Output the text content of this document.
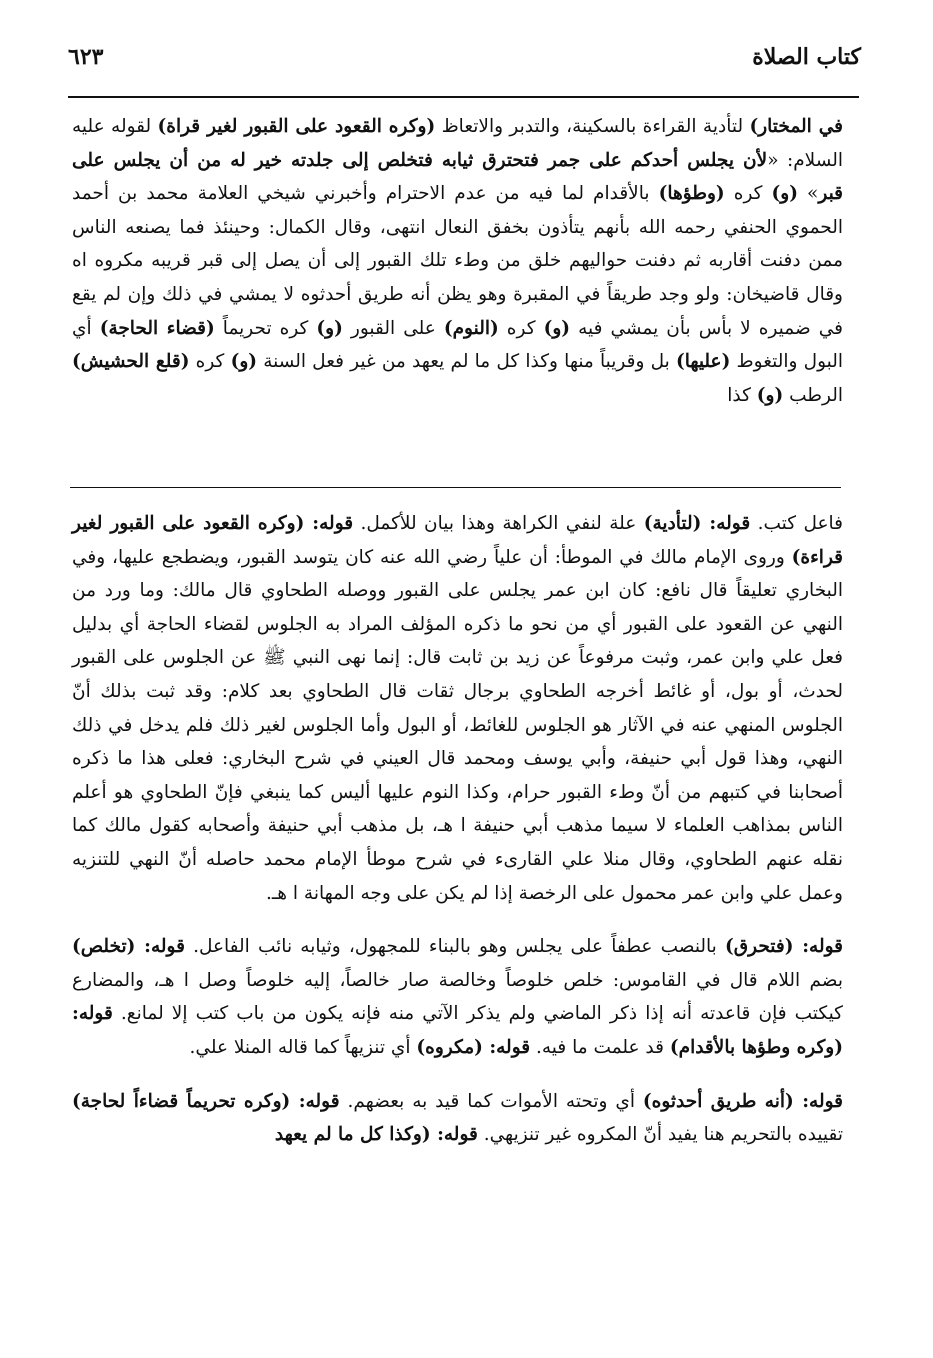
كتاب الصلاة
٦٢٣

في المختار) لتأدية القراءة بالسكينة، والتدبر والاتعاظ (وكره القعود على القبور لغير قراة) لقوله عليه السلام: «لأن يجلس أحدكم على جمر فتحترق ثيابه فتخلص إلى جلدته خير له من أن يجلس على قبر» (و) كره (وطؤها) بالأقدام لما فيه من عدم الاحترام وأخبرني شيخي العلامة محمد بن أحمد الحموي الحنفي رحمه الله بأنهم يتأذون بخفق النعال انتهى، وقال الكمال: وحينئذ فما يصنعه الناس ممن دفنت أقاربه ثم دفنت حواليهم خلق من وطء تلك القبور إلى أن يصل إلى قبر قريبه مكروه اه وقال قاضيخان: ولو وجد طريقاً في المقبرة وهو يظن أنه طريق أحدثوه لا يمشي في ذلك وإن لم يقع في ضميره لا بأس بأن يمشي فيه (و) كره (النوم) على القبور (و) كره تحريماً (قضاء الحاجة) أي البول والتغوط (عليها) بل وقريباً منها وكذا كل ما لم يعهد من غير فعل السنة (و) كره (قلع الحشيش) الرطب (و) كذا

فاعل كتب. قوله: (لتأدية) علة لنفي الكراهة وهذا بيان للأكمل. قوله: (وكره القعود على القبور لغير قراءة) وروى الإمام مالك في الموطأ: أن علياً رضي الله عنه كان يتوسد القبور، ويضطجع عليها، وفي البخاري تعليقاً قال نافع: كان ابن عمر يجلس على القبور ووصله الطحاوي قال مالك: وما ورد من النهي عن القعود على القبور أي من نحو ما ذكره المؤلف المراد به الجلوس لقضاء الحاجة أي بدليل فعل علي وابن عمر، وثبت مرفوعاً عن زيد بن ثابت قال: إنما نهى النبي ﷺ عن الجلوس على القبور لحدث، أو بول، أو غائط أخرجه الطحاوي برجال ثقات قال الطحاوي بعد كلام: وقد ثبت بذلك أنّ الجلوس المنهي عنه في الآثار هو الجلوس للغائط، أو البول وأما الجلوس لغير ذلك فلم يدخل في ذلك النهي، وهذا قول أبي حنيفة، وأبي يوسف ومحمد قال العيني في شرح البخاري: فعلى هذا ما ذكره أصحابنا في كتبهم من أنّ وطء القبور حرام، وكذا النوم عليها أليس كما ينبغي فإنّ الطحاوي هو أعلم الناس بمذاهب العلماء لا سيما مذهب أبي حنيفة ا هـ، بل مذهب أبي حنيفة وأصحابه كقول مالك كما نقله عنهم الطحاوي، وقال منلا علي القارىء في شرح موطأ الإمام محمد حاصله أنّ النهي للتنزيه وعمل علي وابن عمر محمول على الرخصة إذا لم يكن على وجه المهانة ا هـ.

قوله: (فتحرق) بالنصب عطفاً على يجلس وهو بالبناء للمجهول، وثيابه نائب الفاعل. قوله: (تخلص) بضم اللام قال في القاموس: خلص خلوصاً وخالصة صار خالصاً، إليه خلوصاً وصل ا هـ، والمضارع كيكتب فإن قاعدته أنه إذا ذكر الماضي ولم يذكر الآتي منه فإنه يكون من باب كتب إلا لمانع. قوله: (وكره وطؤها بالأقدام) قد علمت ما فيه. قوله: (مكروه) أي تنزيهاً كما قاله المنلا علي.

قوله: (أنه طريق أحدثوه) أي وتحته الأموات كما قيد به بعضهم. قوله: (وكره تحريماً قضاءاً لحاجة) تقييده بالتحريم هنا يفيد أنّ المكروه غير تنزيهي. قوله: (وكذا كل ما لم يعهد
